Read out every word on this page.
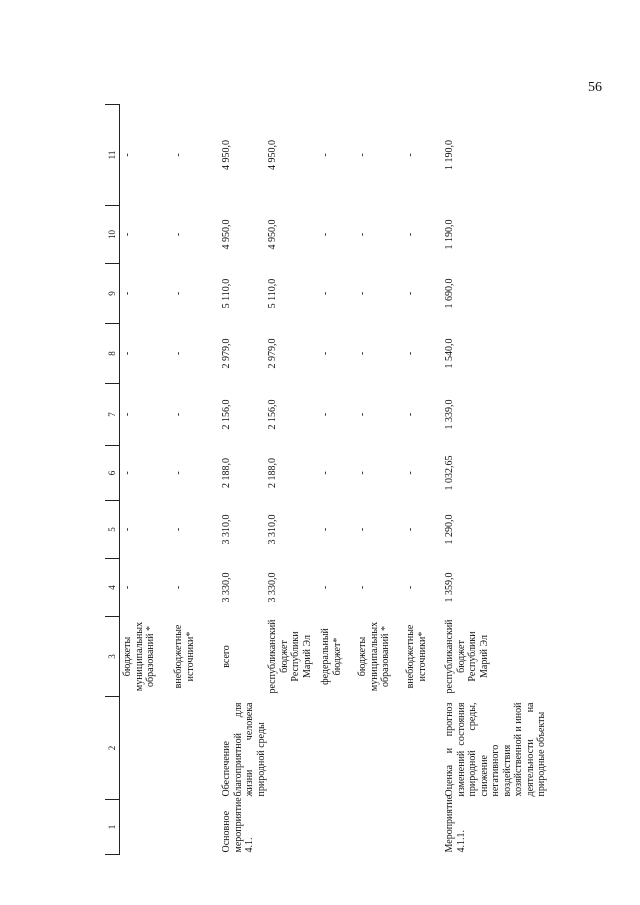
56
1	2	3	4	5	6	7	8	9	10	11
		бюджеты муниципальных образований *	-	-	-	-	-	-	-	-
		внебюджетные источники*	-	-	-	-	-	-	-	-
Основное мероприятие 4.1.	Обеспечение благоприятной для жизни человека природной среды	всего	3 330,0	3 310,0	2 188,0	2 156,0	2 979,0	5 110,0	4 950,0	4 950,0
		республиканский бюджет Республики Марий Эл	3 330,0	3 310,0	2 188,0	2 156,0	2 979,0	5 110,0	4 950,0	4 950,0
		федеральный бюджет*	-	-	-	-	-	-	-	-
		бюджеты муниципальных образований *	-	-	-	-	-	-	-	-
		внебюджетные источники*	-	-	-	-	-	-	-	-
Мероприятие 4.1.1.	Оценка и прогноз изменений состояния природной среды, снижение негативного воздействия хозяйственной и иной деятельности на природные объекты	республиканский бюджет Республики Марий Эл	1 359,0	1 290,0	1 032,65	1 339,0	1 540,0	1 690,0	1 190,0	1 190,0
